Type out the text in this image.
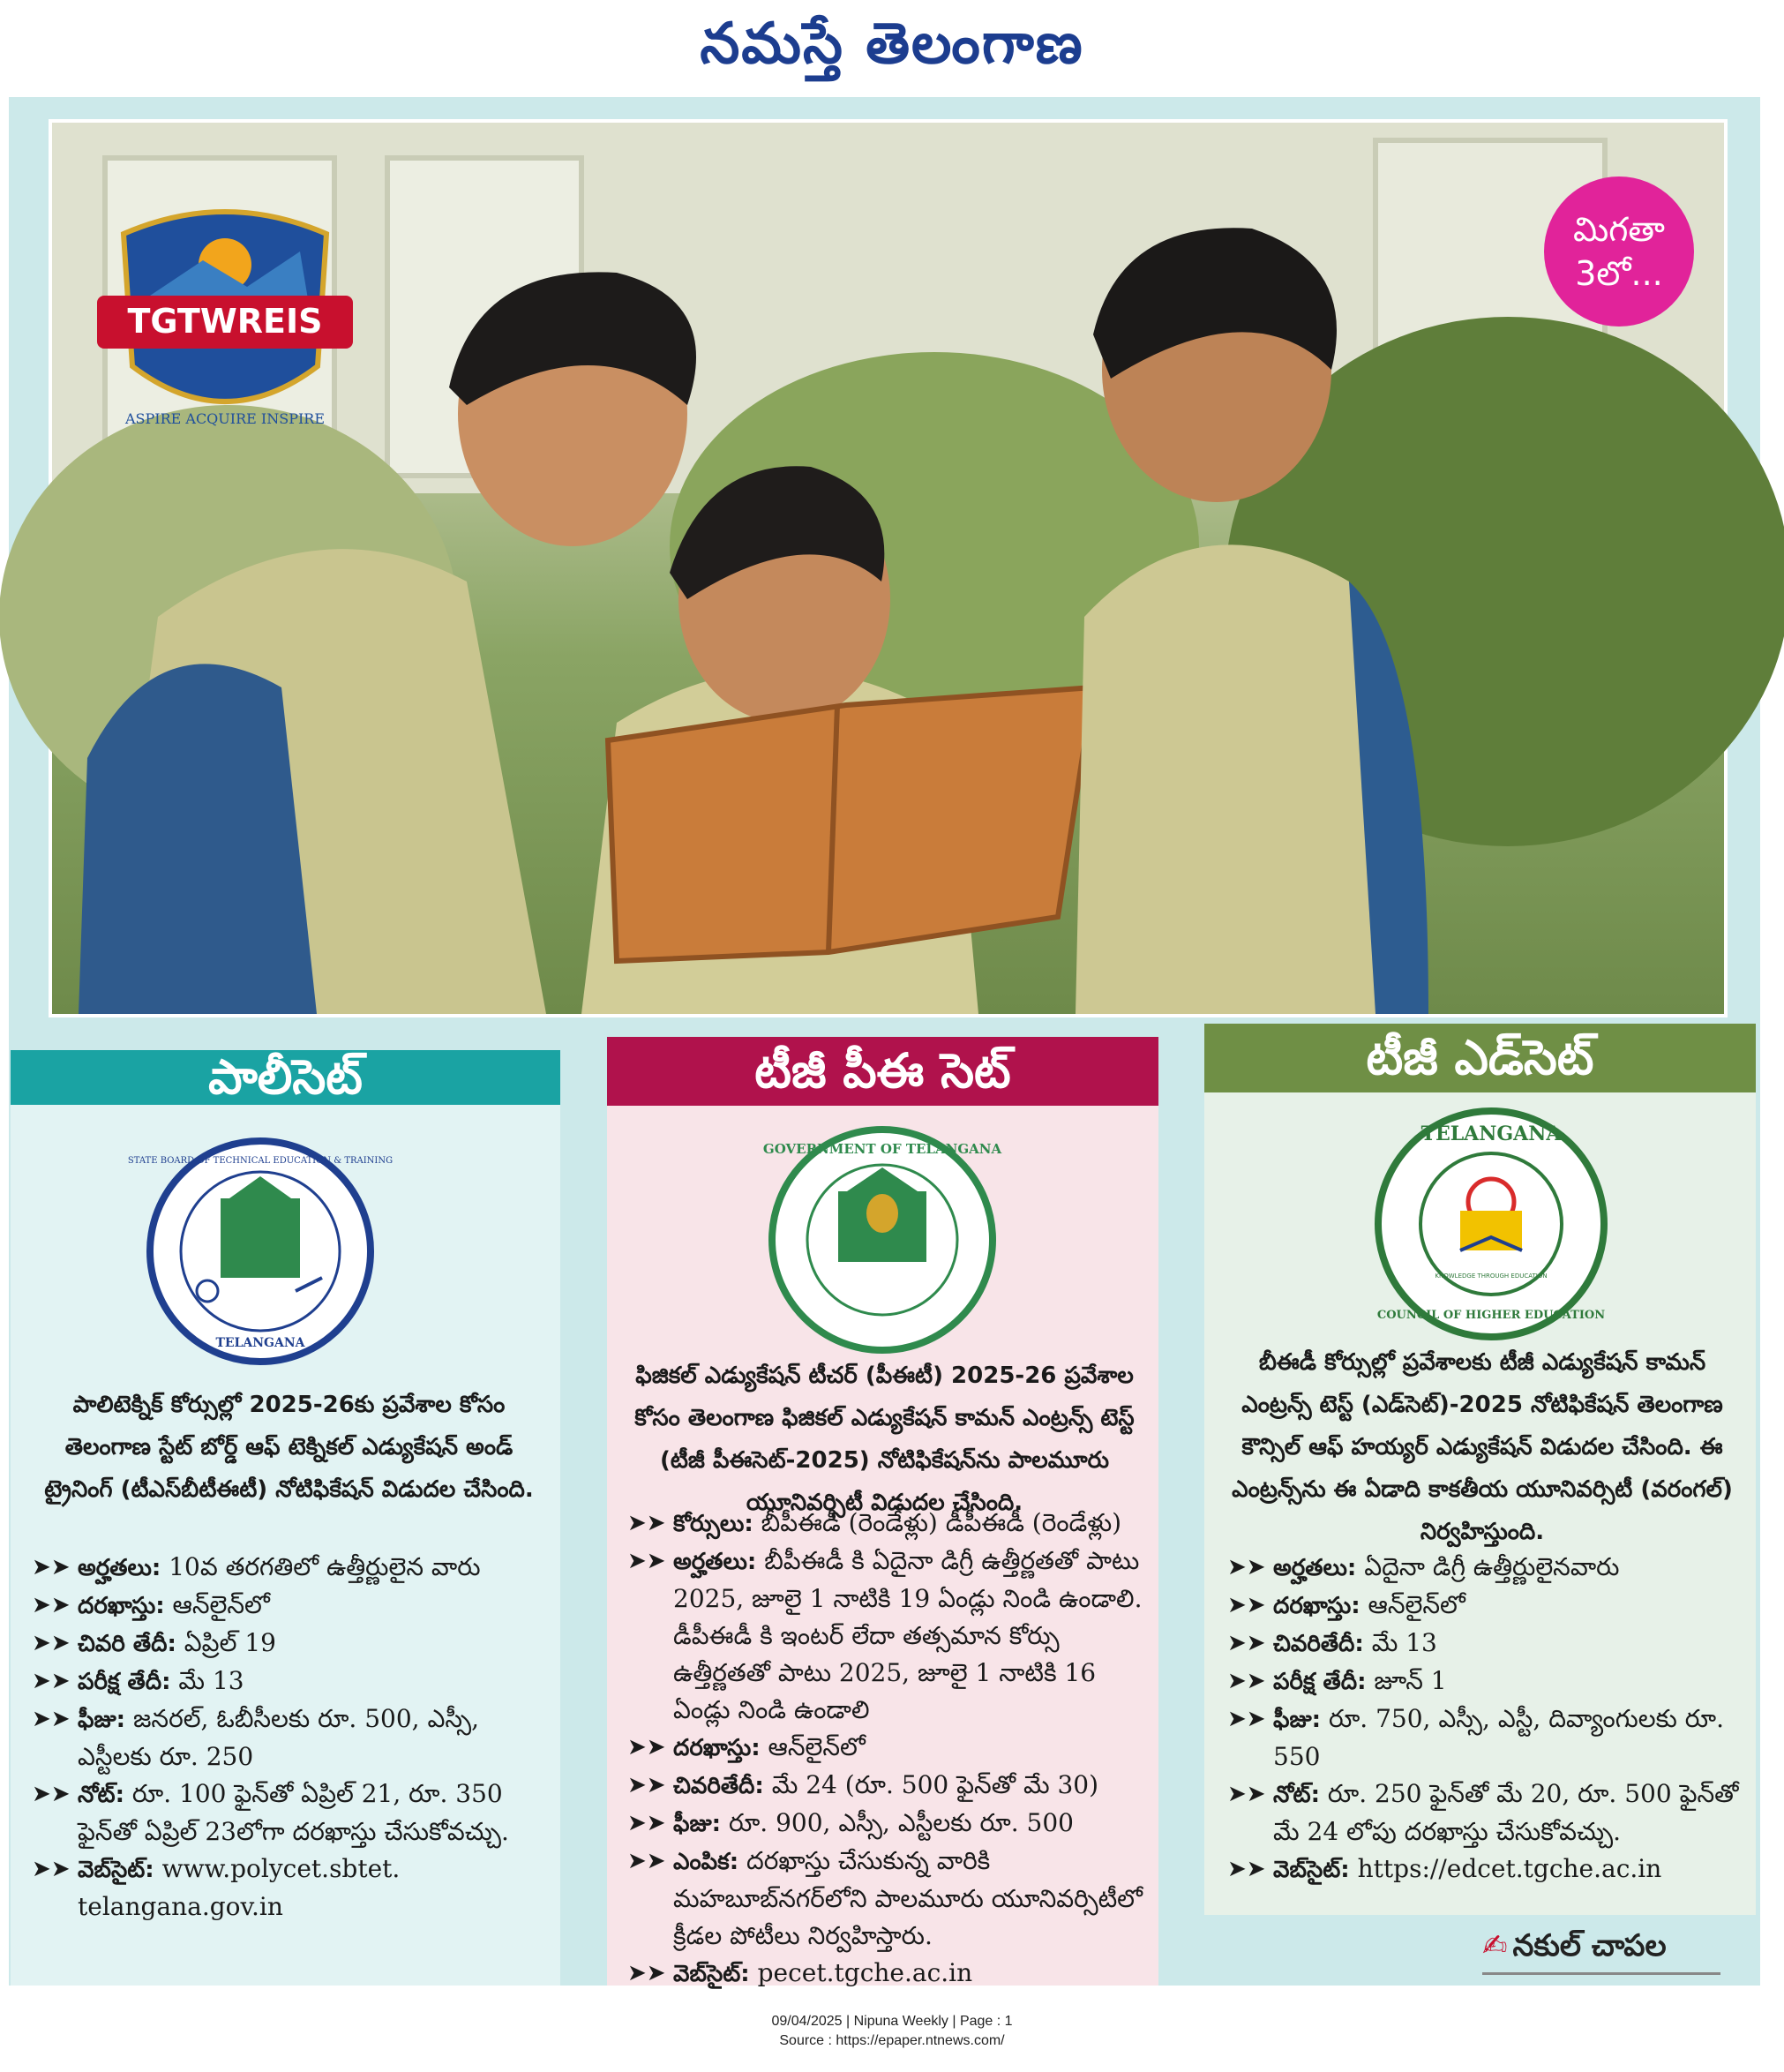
నమస్తే తెలంగాణ
TGTWREIS
ASPIRE ACQUIRE INSPIRE
మిగతా
3లో...
పాలీసెట్
STATE BOARD OF TECHNICAL EDUCATION & TRAINING
TELANGANA
పాలిటెక్నిక్ కోర్సుల్లో 2025-26కు ప్రవేశాల కోసం తెలంగాణ స్టేట్ బోర్డ్ ఆఫ్ టెక్నికల్ ఎడ్యుకేషన్ అండ్ ట్రైనింగ్ (టీఎస్‌బీటీఈటీ) నోటిఫికేషన్ విడుదల చేసింది.
➤➤ అర్హతలు: 10వ తరగతిలో ఉత్తీర్ణులైన వారు
➤➤ దరఖాస్తు: ఆన్‌లైన్‌లో
➤➤ చివరి తేదీ: ఏప్రిల్ 19
➤➤ పరీక్ష తేదీ: మే 13
➤➤ ఫీజు: జనరల్, ఓబీసీలకు రూ. 500, ఎస్సీ, ఎస్టీలకు రూ. 250
➤➤ నోట్: రూ. 100 ఫైన్‌తో ఏప్రిల్ 21, రూ. 350 ఫైన్‌తో ఏప్రిల్ 23లోగా దరఖాస్తు చేసుకోవచ్చు.
➤➤ వెబ్‌సైట్: www.polycet.sbtet. telangana.gov.in
టీజీ పీఈ సెట్
GOVERNMENT OF TELANGANA
ఫిజికల్ ఎడ్యుకేషన్ టీచర్ (పీఈటీ) 2025-26 ప్రవేశాల కోసం తెలంగాణ ఫిజికల్ ఎడ్యుకేషన్ కామన్ ఎంట్రన్స్ టెస్ట్ (టీజీ పీఈసెట్-2025) నోటిఫికేషన్‌ను పాలమూరు యూనివర్సిటీ విడుదల చేసింది.
➤➤ కోర్సులు: బీపీఈడీ (రెండేళ్లు) డీపీఈడీ (రెండేళ్లు)
➤➤ అర్హతలు: బీపీఈడీ కి ఏదైనా డిగ్రీ ఉత్తీర్ణతతో పాటు 2025, జూలై 1 నాటికి 19 ఏండ్లు నిండి ఉండాలి. డీపీఈడీ కి ఇంటర్ లేదా తత్సమాన కోర్సు ఉత్తీర్ణతతో పాటు 2025, జూలై 1 నాటికి 16 ఏండ్లు నిండి ఉండాలి
➤➤ దరఖాస్తు: ఆన్‌లైన్‌లో
➤➤ చివరితేదీ: మే 24 (రూ. 500 ఫైన్‌తో మే 30)
➤➤ ఫీజు: రూ. 900, ఎస్సీ, ఎస్టీలకు రూ. 500
➤➤ ఎంపిక: దరఖాస్తు చేసుకున్న వారికి మహబూబ్‌నగర్‌లోని పాలమూరు యూనివర్సిటీలో క్రీడల పోటీలు నిర్వహిస్తారు.
➤➤ వెబ్‌సైట్: pecet.tgche.ac.in
టీజీ ఎడ్‌సెట్
TELANGANA
COUNCIL OF HIGHER EDUCATION
KNOWLEDGE THROUGH EDUCATION
బీఈడీ కోర్సుల్లో ప్రవేశాలకు టీజీ ఎడ్యుకేషన్ కామన్ ఎంట్రన్స్ టెస్ట్ (ఎడ్‌సెట్)-2025 నోటిఫికేషన్ తెలంగాణ కౌన్సిల్ ఆఫ్ హయ్యర్ ఎడ్యుకేషన్ విడుదల చేసింది. ఈ ఎంట్రన్స్‌ను ఈ ఏడాది కాకతీయ యూనివర్సిటీ (వరంగల్) నిర్వహిస్తుంది.
➤➤ అర్హతలు: ఏదైనా డిగ్రీ ఉత్తీర్ణులైనవారు
➤➤ దరఖాస్తు: ఆన్‌లైన్‌లో
➤➤ చివరితేదీ: మే 13
➤➤ పరీక్ష తేదీ: జూన్ 1
➤➤ ఫీజు: రూ. 750, ఎస్సీ, ఎస్టీ, దివ్యాంగులకు రూ. 550
➤➤ నోట్: రూ. 250 ఫైన్‌తో మే 20, రూ. 500 ఫైన్‌తో మే 24 లోపు దరఖాస్తు చేసుకోవచ్చు.
➤➤ వెబ్‌సైట్: https://edcet.tgche.ac.in
✍ నకుల్ చాపల
09/04/2025 | Nipuna Weekly | Page : 1
Source : https://epaper.ntnews.com/
